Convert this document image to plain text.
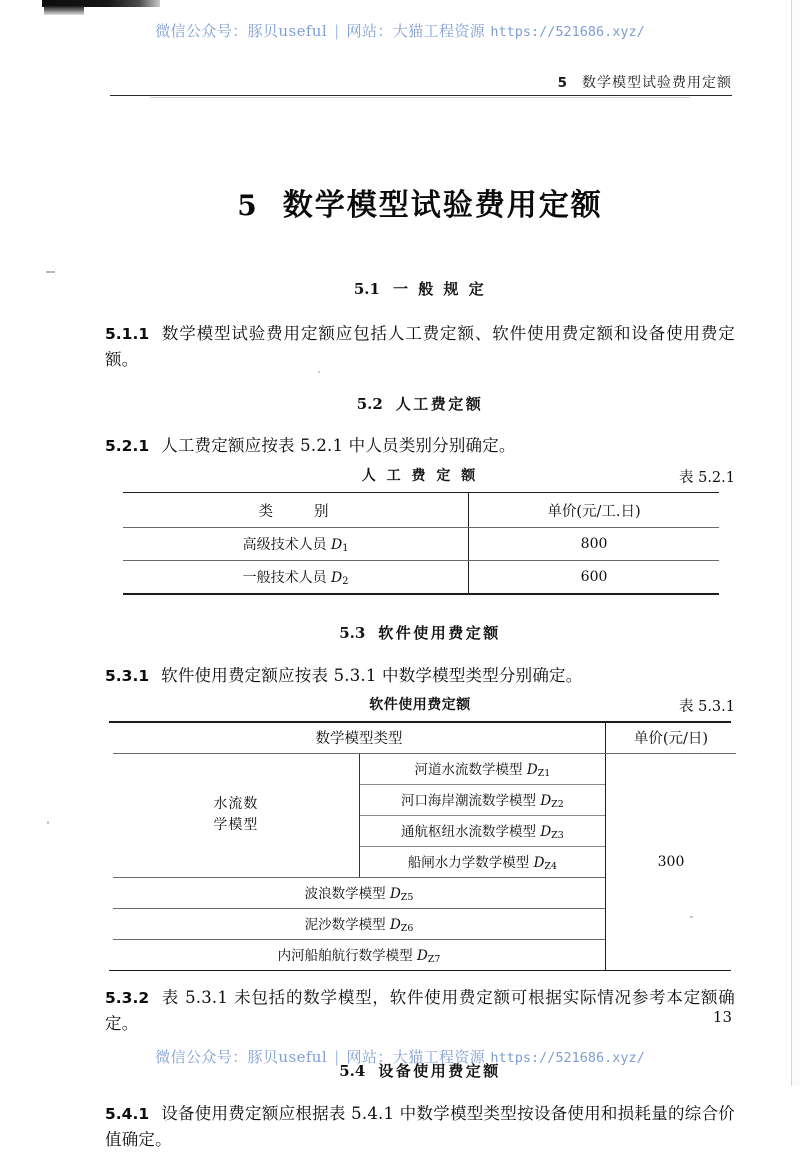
微信公众号：豚贝useful | 网站：大猫工程资源 https://521686.xyz/
5 数学模型试验费用定额
5 数学模型试验费用定额
5.1 一 般 规 定

5.1.1 数学模型试验费用定额应包括人工费定额、软件使用费定额和设备使用费定额。

5.2 人工费定额

5.2.1 人工费定额应按表 5.2.1 中人员类别分别确定。

人 工 费 定 额	表 5.2.1
类　　别	单价(元/工.日)
高级技术人员 $D_1$	800
一般技术人员 $D_2$	600
5.3 软件使用费定额

5.3.1 软件使用费定额应按表 5.3.1 中数学模型类型分别确定。

软件使用费定额	表 5.3.1
数学模型类型		单价(元/日)

水流数
学模型	河道水流数学模型 $D_{Z1}$	300

	河口海岸潮流数学模型 $D_{Z2}$

	通航枢纽水流数学模型 $D_{Z3}$

	船闸水力学数学模型 $D_{Z4}$

波浪数学模型 $D_{Z5}$

泥沙数学模型 $D_{Z6}$

内河船舶航行数学模型 $D_{Z7}$

5.3.2 表 5.3.1 未包括的数学模型，软件使用费定额可根据实际情况参考本定额确定。

5.4 设备使用费定额

5.4.1 设备使用费定额应根据表 5.4.1 中数学模型类型按设备使用和损耗量的综合价值确定。

13
微信公众号：豚贝useful | 网站：大猫工程资源 https://521686.xyz/
